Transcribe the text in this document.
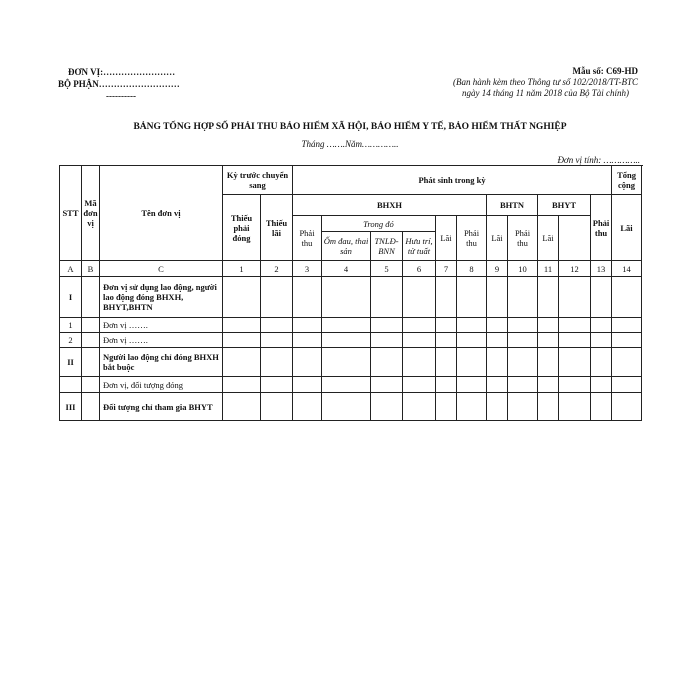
ĐƠN VỊ:……………………
BỘ PHẬN………………………
----------
Mẫu số: C69-HD
(Ban hành kèm theo Thông tư số 102/2018/TT-BTC
ngày 14 tháng 11 năm 2018 của Bộ Tài chính)
BẢNG TỔNG HỢP SỐ PHẢI THU BẢO HIỂM XÃ HỘI, BẢO HIỂM Y TẾ, BẢO HIỂM THẤT NGHIỆP
Tháng …….Năm…………..
Đơn vị tính: …………..
STT	Mã đơn vị	Tên đơn vị	Kỳ trước chuyển sang		Phát sinh trong kỳ											Tổng cộng	
			Thiếu phải đóng	Thiếu lãi	BHXH						BHTN		BHYT		Phải thu	Lãi	
					Phải thu	Trong đó			Lãi	Phải thu	Lãi	Phải thu	Lãi				
						Ốm đau, thai sản	TNLĐ-BNN	Hưu trí, tử tuất									
A	B	C	1	2	3	4	5	6	7	8	9	10	11	12	13	14	
I		Đơn vị sử dụng lao động, người lao động đóng BHXH, BHYT,BHTN															
1		Đơn vị …….															
2		Đơn vị …….															
II		Người lao động chỉ đóng BHXH bắt buộc															
		Đơn vị, đối tượng đóng															
III		Đối tượng chỉ tham gia BHYT															
